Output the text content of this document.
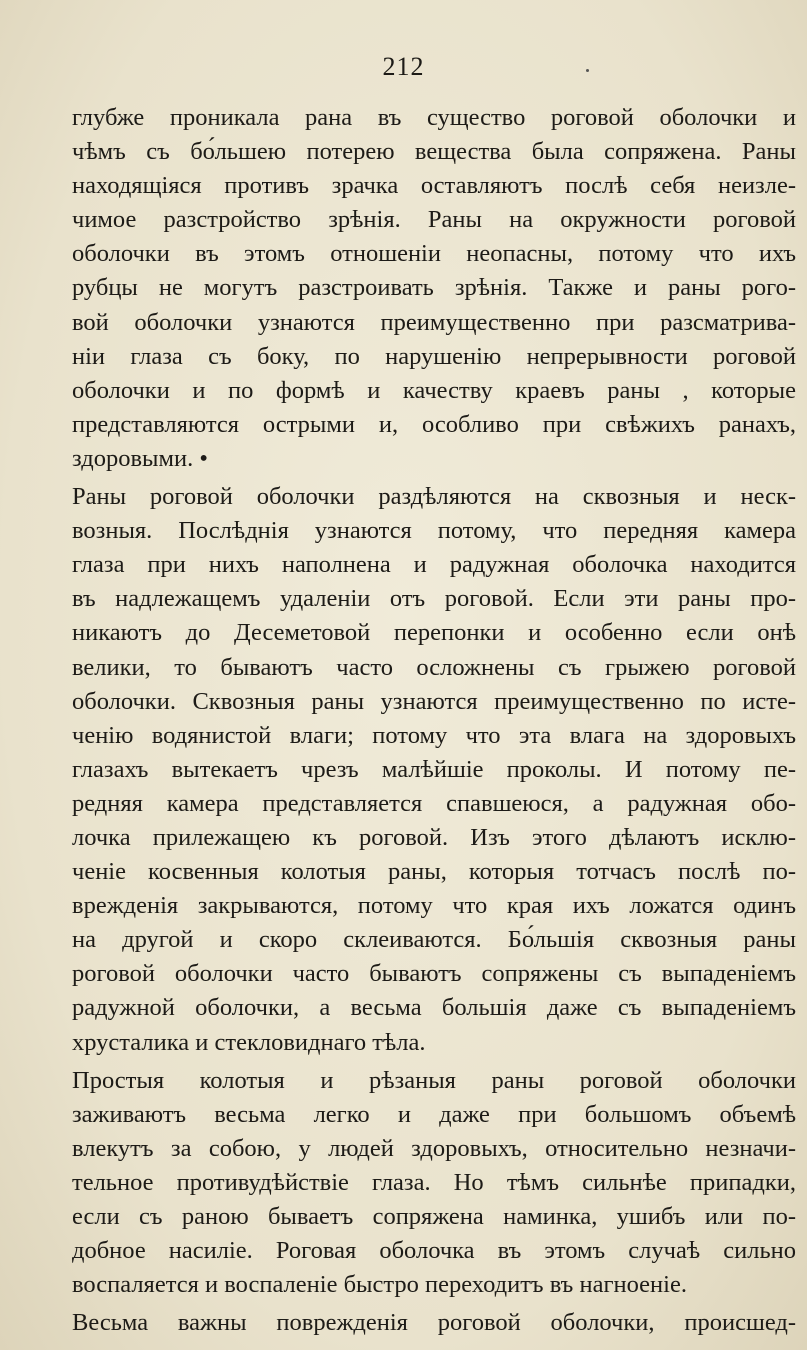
212
глубже проникала рана въ существо роговой оболочки и
чѣмъ съ бо́льшею потерею вещества была сопряжена. Раны
находящіяся противъ зрачка оставляютъ послѣ себя неизле-
чимое разстройство зрѣнія. Раны на окружности роговой
оболочки въ этомъ отношеніи неопасны, потому что ихъ
рубцы не могутъ разстроивать зрѣнія. Также и раны рого-
вой оболочки узнаются преимущественно при разсматрива-
ніи глаза съ боку, по нарушенію непрерывности роговой
оболочки и по формѣ и качеству краевъ раны , которые
представляются острыми и, особливо при свѣжихъ ранахъ,
здоровыми. •
Раны роговой оболочки раздѣляются на сквозныя и неск-
возныя. Послѣднія узнаются потому, что передняя камера
глаза при нихъ наполнена и радужная оболочка находится
въ надлежащемъ удаленіи отъ роговой. Если эти раны про-
никаютъ до Десеметовой перепонки и особенно если онѣ
велики, то бываютъ часто осложнены съ грыжею роговой
оболочки. Сквозныя раны узнаются преимущественно по исте-
ченію водянистой влаги; потому что эта влага на здоровыхъ
глазахъ вытекаетъ чрезъ малѣйшіе проколы. И потому пе-
редняя камера представляется спавшеюся, а радужная обо-
лочка прилежащею къ роговой. Изъ этого дѣлаютъ исклю-
ченіе косвенныя колотыя раны, которыя тотчасъ послѣ по-
врежденія закрываются, потому что края ихъ ложатся одинъ
на другой и скоро склеиваются. Бо́льшія сквозныя раны
роговой оболочки часто бываютъ сопряжены съ выпаденіемъ
радужной оболочки, а весьма большія даже съ выпаденіемъ
хрусталика и стекловиднаго тѣла.
Простыя колотыя и рѣзаныя раны роговой оболочки
заживаютъ весьма легко и даже при большомъ объемѣ
влекутъ за собою, у людей здоровыхъ, относительно незначи-
тельное противудѣйствіе глаза. Но тѣмъ сильнѣе припадки,
если съ раною бываетъ сопряжена наминка, ушибъ или по-
добное насиліе. Роговая оболочка въ этомъ случаѣ сильно
воспаляется и воспаленіе быстро переходитъ въ нагноеніе.
Весьма важны поврежденія роговой оболочки, происшед-
